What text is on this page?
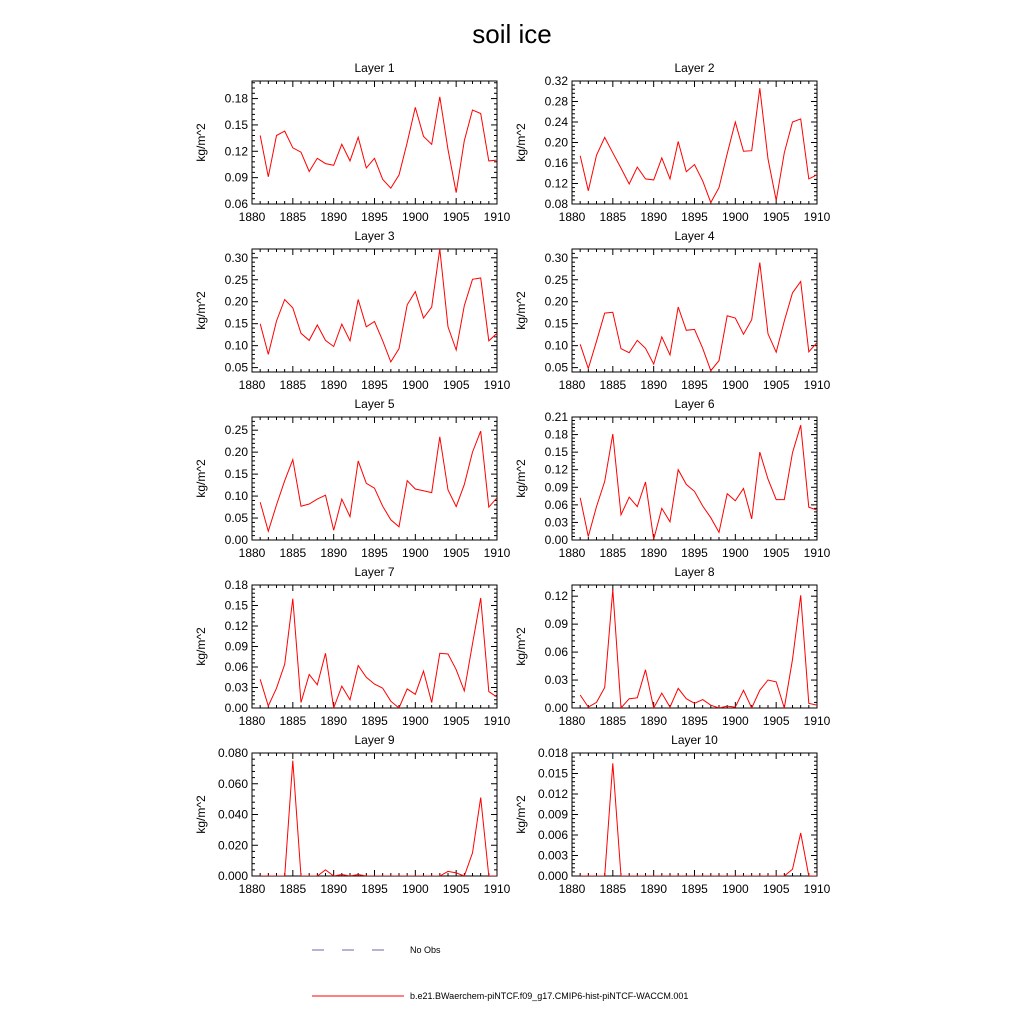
soil ice
Layer 1
1880 1885 1890 1895 1900 1905 1910
0.06
0.09
0.12
0.15
0.18
kg/m^2
Layer 2
1880 1885 1890 1895 1900 1905 1910
0.08
0.12
0.16
0.20
0.24
0.28
0.32
kg/m^2
Layer 3
1880 1885 1890 1895 1900 1905 1910
0.05
0.10
0.15
0.20
0.25
0.30
kg/m^2
Layer 4
1880 1885 1890 1895 1900 1905 1910
0.05
0.10
0.15
0.20
0.25
0.30
kg/m^2
Layer 5
1880 1885 1890 1895 1900 1905 1910
0.00
0.05
0.10
0.15
0.20
0.25
kg/m^2
Layer 6
1880 1885 1890 1895 1900 1905 1910
0.00
0.03
0.06
0.09
0.12
0.15
0.18
0.21
kg/m^2
Layer 7
1880 1885 1890 1895 1900 1905 1910
0.00
0.03
0.06
0.09
0.12
0.15
0.18
kg/m^2
Layer 8
1880 1885 1890 1895 1900 1905 1910
0.00
0.03
0.06
0.09
0.12
kg/m^2
Layer 9
1880 1885 1890 1895 1900 1905 1910
0.000
0.020
0.040
0.060
0.080
kg/m^2
Layer 10
1880 1885 1890 1895 1900 1905 1910
0.000
0.003
0.006
0.009
0.012
0.015
0.018
kg/m^2
No Obs
b.e21.BWaerchem-piNTCF.f09_g17.CMIP6-hist-piNTCF-WACCM.001
